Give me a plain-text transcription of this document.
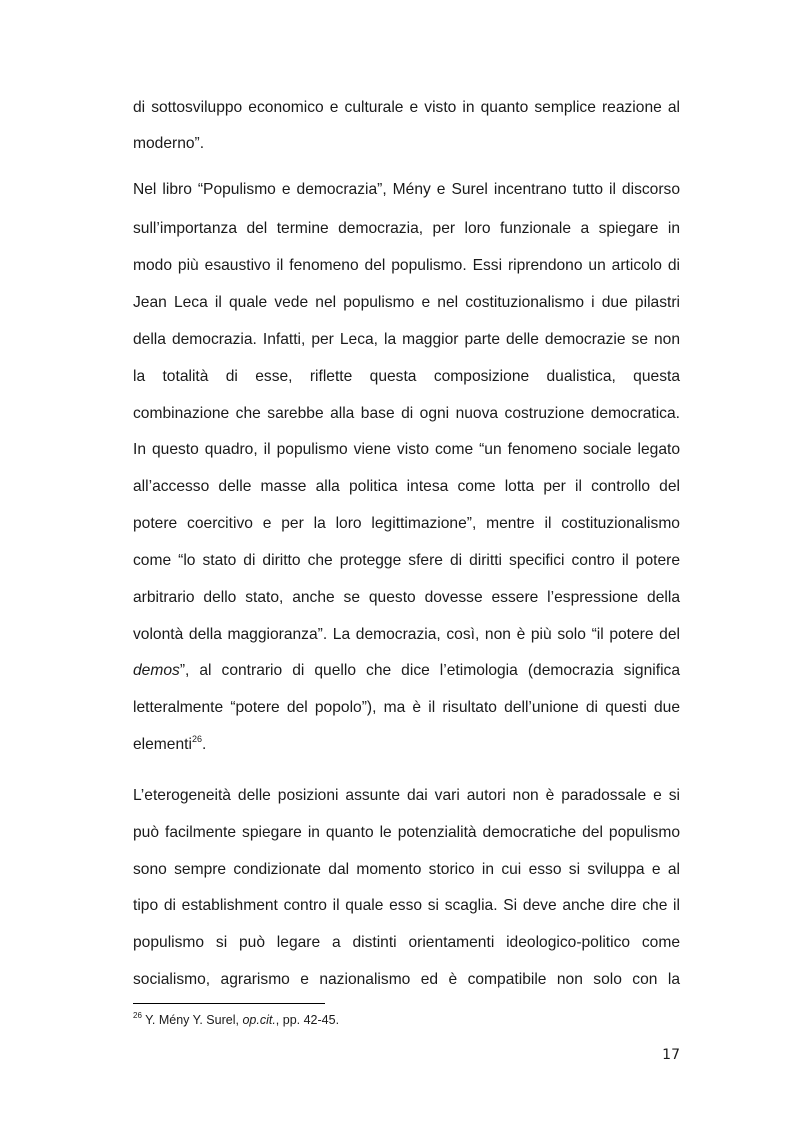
di sottosviluppo economico e culturale e visto in quanto semplice reazione al
moderno”.
Nel libro “Populismo e democrazia”, Mény e Surel incentrano tutto il discorso
sull’importanza del termine democrazia, per loro funzionale a spiegare in
modo più esaustivo il fenomeno del populismo. Essi riprendono un articolo di
Jean Leca il quale vede nel populismo e nel costituzionalismo i due pilastri
della democrazia. Infatti, per Leca, la maggior parte delle democrazie se non
la totalità di esse, riflette questa composizione dualistica, questa
combinazione che sarebbe alla base di ogni nuova costruzione democratica.
In questo quadro, il populismo viene visto come “un fenomeno sociale legato
all’accesso delle masse alla politica intesa come lotta per il controllo del
potere coercitivo e per la loro legittimazione”, mentre il costituzionalismo
come “lo stato di diritto che protegge sfere di diritti specifici contro il potere
arbitrario dello stato, anche se questo dovesse essere l’espressione della
volontà della maggioranza”. La democrazia, così, non è più solo “il potere del
demos”, al contrario di quello che dice l’etimologia (democrazia significa
letteralmente “potere del popolo”), ma è il risultato dell’unione di questi due
elementi$^{26}$.
L’eterogeneità delle posizioni assunte dai vari autori non è paradossale e si
può facilmente spiegare in quanto le potenzialità democratiche del populismo
sono sempre condizionate dal momento storico in cui esso si sviluppa e al
tipo di establishment contro il quale esso si scaglia. Si deve anche dire che il
populismo si può legare a distinti orientamenti ideologico-politico come
socialismo, agrarismo e nazionalismo ed è compatibile non solo con la
$^{26}$ Y. Mény Y. Surel, op.cit., pp. 42-45.
17
